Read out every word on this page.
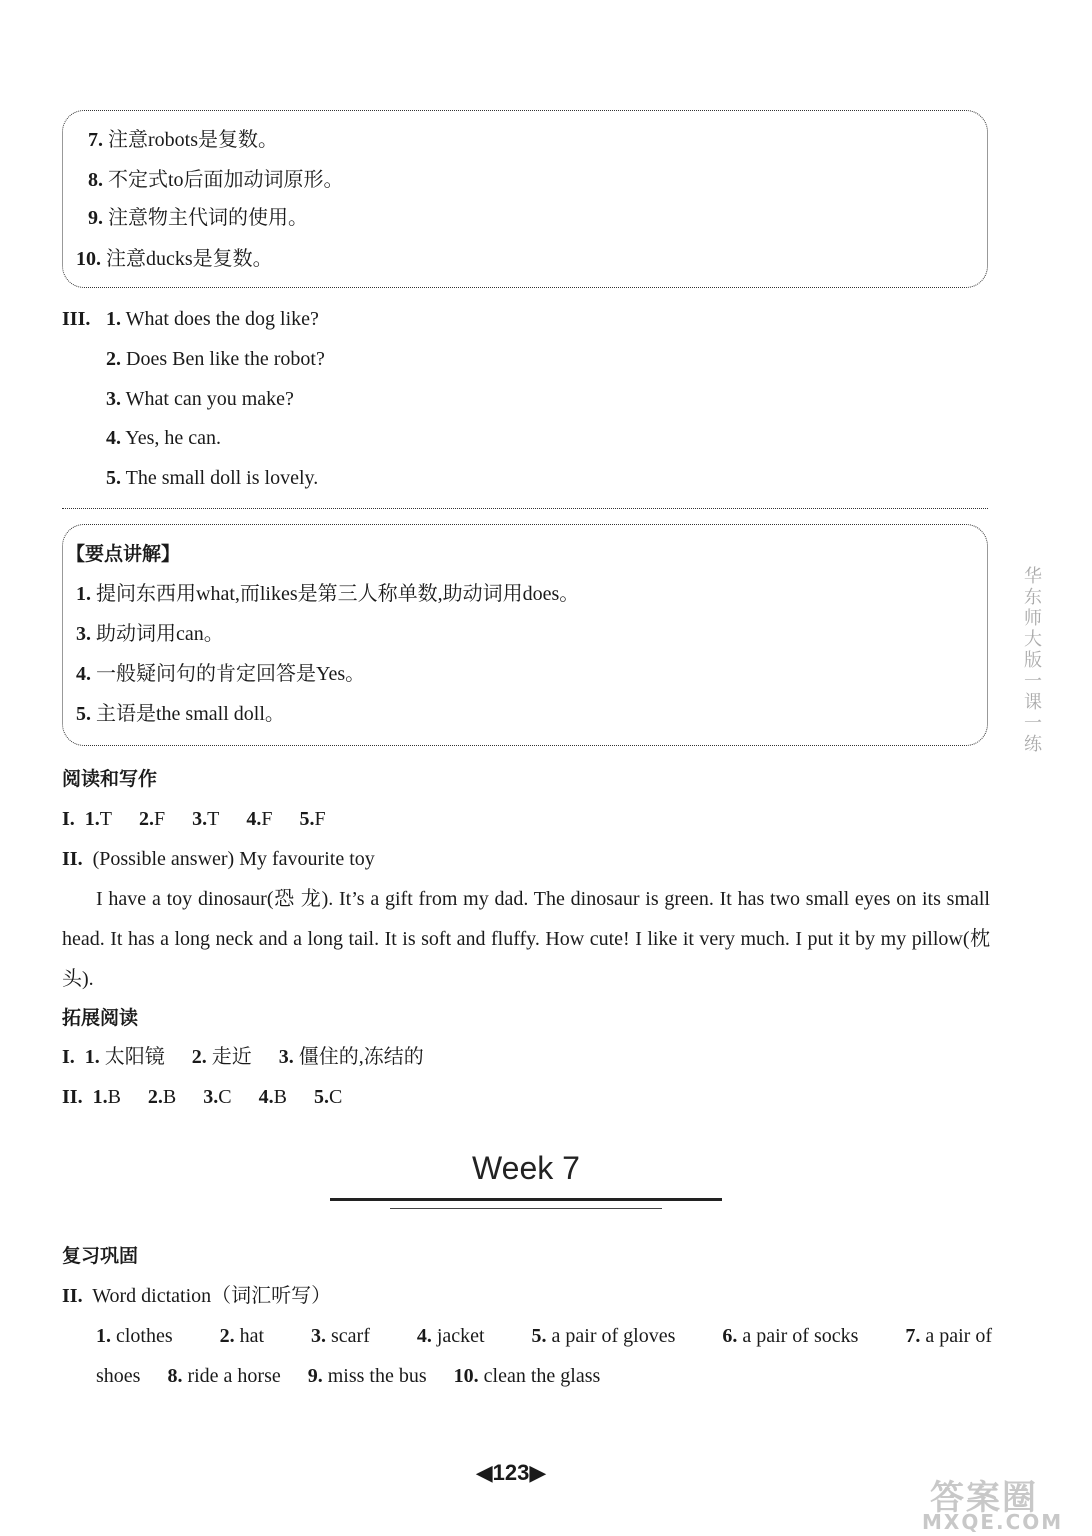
7. 注意robots是复数。
8. 不定式to后面加动词原形。
9. 注意物主代词的使用。
10. 注意ducks是复数。
III. 1. What does the dog like?
2. Does Ben like the robot?
3. What can you make?
4. Yes, he can.
5. The small doll is lovely.
【要点讲解】
1. 提问东西用what,而likes是第三人称单数,助动词用does。
3. 助动词用can。
4. 一般疑问句的肯定回答是Yes。
5. 主语是the small doll。	华东师大版一课一练
阅读和写作
I. 1.T 2.F 3.T 4.F 5.F
II. (Possible answer) My favourite toy
I have a toy dinosaur(恐 龙). It’s a gift from my dad. The dinosaur is green. It has two small eyes on its small head. It has a long neck and a long tail. It is soft and fluffy. How cute! I like it very much. I put it by my pillow(枕头).
拓展阅读
I. 1. 太阳镜 2. 走近 3. 僵住的,冻结的
II. 1.B 2.B 3.C 4.B 5.C
Week 7
复习巩固
II. Word dictation（词汇听写）
1. clothes 2. hat 3. scarf 4. jacket 5. a pair of gloves 6. a pair of socks 7. a pair of
shoes 8. ride a horse 9. miss the bus 10. clean the glass
◀123▶
答案圈
MXQE.COM
